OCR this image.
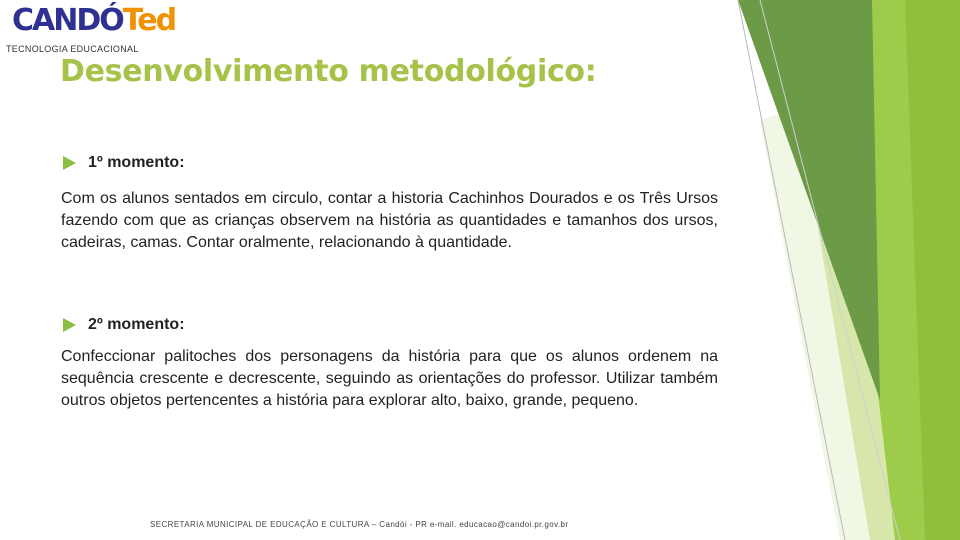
CANDÓTed
TECNOLOGIA EDUCACIONAL
Desenvolvimento metodológico:
1º momento:

Com os alunos sentados em circulo, contar a historia Cachinhos Dourados e os Três Ursos fazendo com que as crianças observem na história as quantidades e tamanhos dos ursos, cadeiras, camas. Contar oralmente, relacionando à quantidade.

2º momento:

Confeccionar palitoches dos personagens da história para que os alunos ordenem na sequência crescente e decrescente, seguindo as orientações do professor. Utilizar também outros objetos pertencentes a história para explorar alto, baixo, grande, pequeno.

SECRETARIA MUNICIPAL DE EDUCAÇÃO E CULTURA – Candói - PR e-mail. educacao@candoi.pr.gov.br
